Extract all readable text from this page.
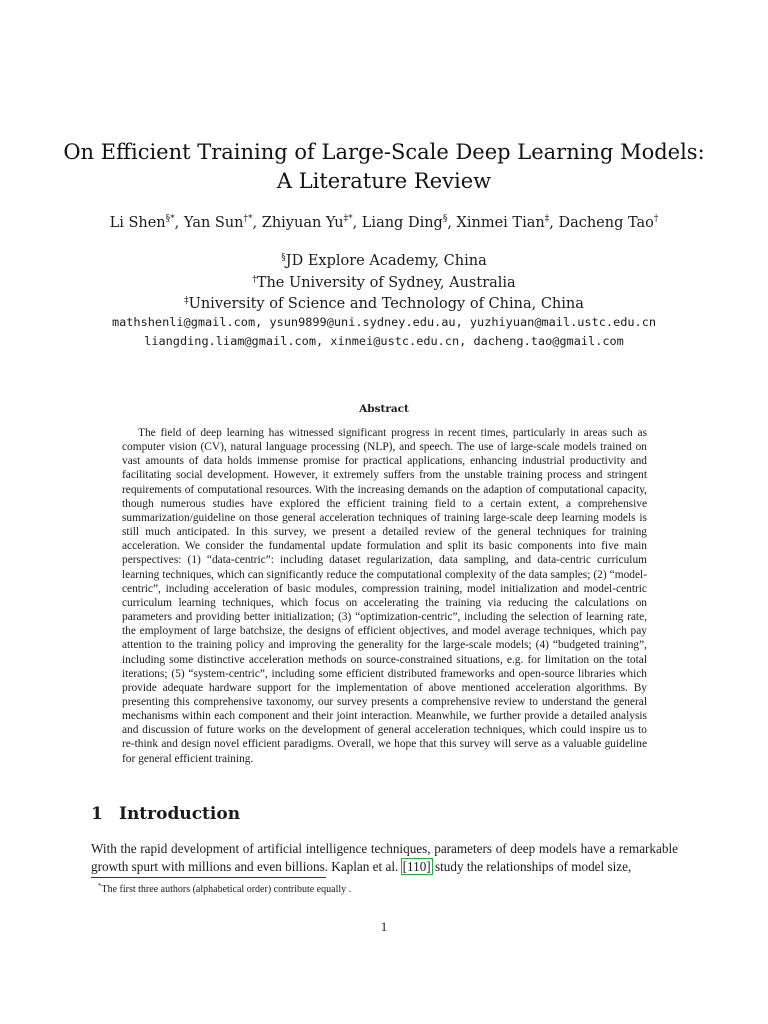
On Efficient Training of Large-Scale Deep Learning Models:
A Literature Review
Li Shen§*, Yan Sun†*, Zhiyuan Yu‡*, Liang Ding§, Xinmei Tian‡, Dacheng Tao†
§JD Explore Academy, China
†The University of Sydney, Australia
‡University of Science and Technology of China, China
mathshenli@gmail.com, ysun9899@uni.sydney.edu.au, yuzhiyuan@mail.ustc.edu.cn
liangding.liam@gmail.com, xinmei@ustc.edu.cn, dacheng.tao@gmail.com
Abstract

The field of deep learning has witnessed significant progress in recent times, particularly in areas such as computer vision (CV), natural language processing (NLP), and speech. The use of large-scale models trained on vast amounts of data holds immense promise for practical applications, enhancing industrial productivity and facilitating social development. However, it extremely suffers from the unstable training process and stringent requirements of computational resources. With the increasing demands on the adaption of computational capacity, though numerous studies have explored the efficient training field to a certain extent, a comprehensive summarization/guideline on those general acceleration techniques of training large-scale deep learning models is still much anticipated. In this survey, we present a detailed review of the general techniques for training acceleration. We consider the fundamental update formulation and split its basic components into five main perspectives: (1) “data-centric”: including dataset regularization, data sampling, and data-centric curriculum learning techniques, which can significantly reduce the computational complexity of the data samples; (2) “model-centric”, including acceleration of basic modules, compression training, model initialization and model-centric curriculum learning techniques, which focus on accelerating the training via reducing the calculations on parameters and providing better initialization; (3) “optimization-centric”, including the selection of learning rate, the employment of large batchsize, the designs of efficient objectives, and model average techniques, which pay attention to the training policy and improving the generality for the large-scale models; (4) “budgeted training”, including some distinctive acceleration methods on source-constrained situations, e.g. for limitation on the total iterations; (5) “system-centric”, including some efficient distributed frameworks and open-source libraries which provide adequate hardware support for the implementation of above mentioned acceleration algorithms. By presenting this comprehensive taxonomy, our survey presents a comprehensive review to understand the general mechanisms within each component and their joint interaction. Meanwhile, we further provide a detailed analysis and discussion of future works on the development of general acceleration techniques, which could inspire us to re-think and design novel efficient paradigms. Overall, we hope that this survey will serve as a valuable guideline for general efficient training.

1 Introduction

With the rapid development of artificial intelligence techniques, parameters of deep models have a remarkable growth spurt with millions and even billions. Kaplan et al. [110] study the relationships of model size,

*The first three authors (alphabetical order) contribute equally .
1
